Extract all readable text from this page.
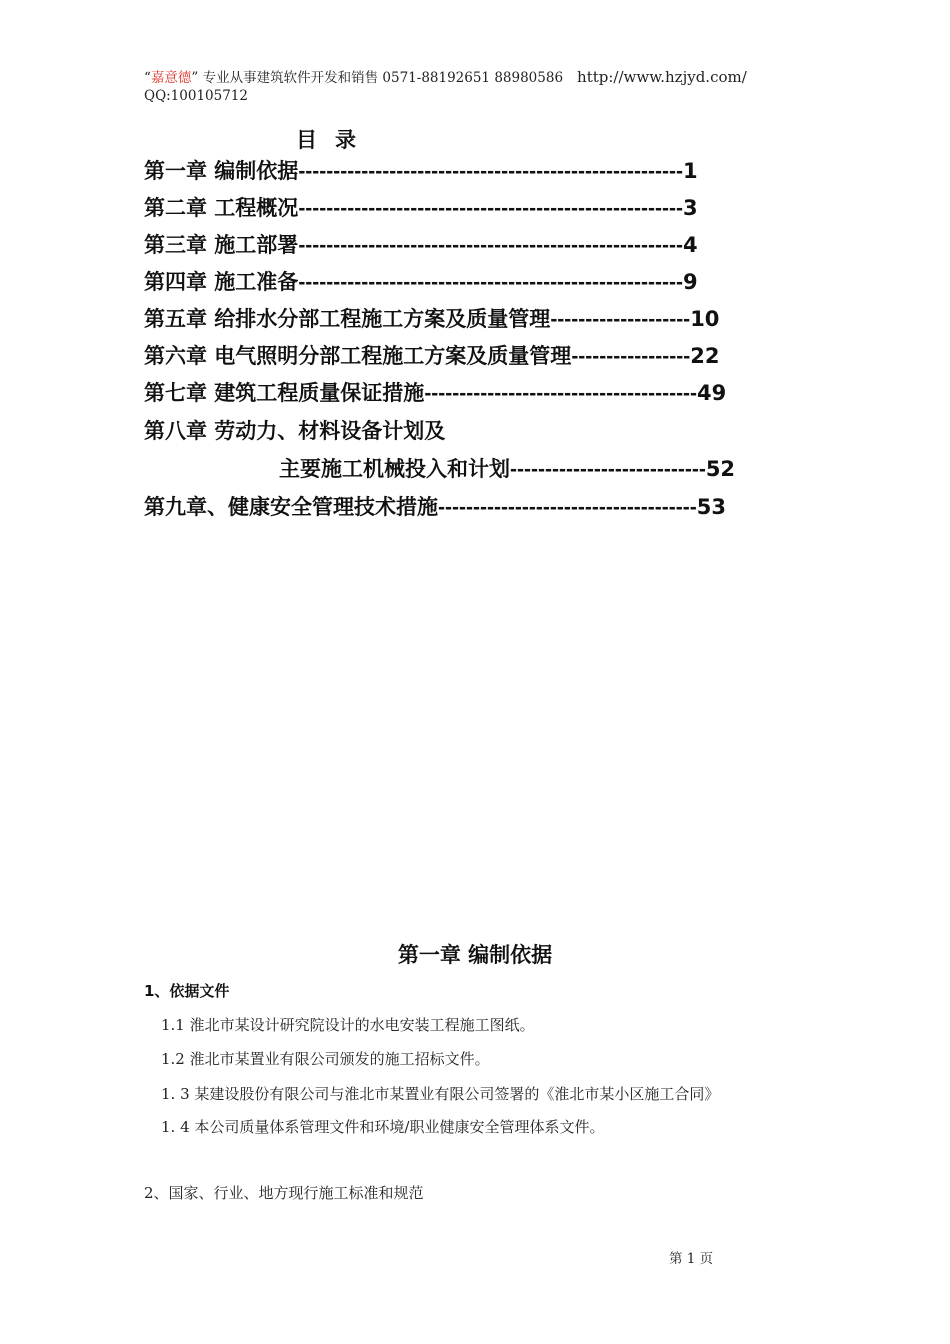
“嘉意德” 专业从事建筑软件开发和销售 0571-88192651 88980586 http://www.hzjyd.com/
QQ:100105712
目录
第一章 编制依据-------------------------------------------------------1
第二章 工程概况-------------------------------------------------------3
第三章 施工部署-------------------------------------------------------4
第四章 施工准备-------------------------------------------------------9
第五章 给排水分部工程施工方案及质量管理--------------------10
第六章 电气照明分部工程施工方案及质量管理-----------------22
第七章 建筑工程质量保证措施---------------------------------------49
第八章 劳动力、材料设备计划及
主要施工机械投入和计划----------------------------52
第九章、健康安全管理技术措施-------------------------------------53
第一章 编制依据
1、依据文件
1.1 淮北市某设计研究院设计的水电安装工程施工图纸。
1.2 淮北市某置业有限公司颁发的施工招标文件。
1. 3 某建设股份有限公司与淮北市某置业有限公司签署的《淮北市某小区施工合同》
1. 4 本公司质量体系管理文件和环境/职业健康安全管理体系文件。
2、国家、行业、地方现行施工标准和规范
第 1 页
